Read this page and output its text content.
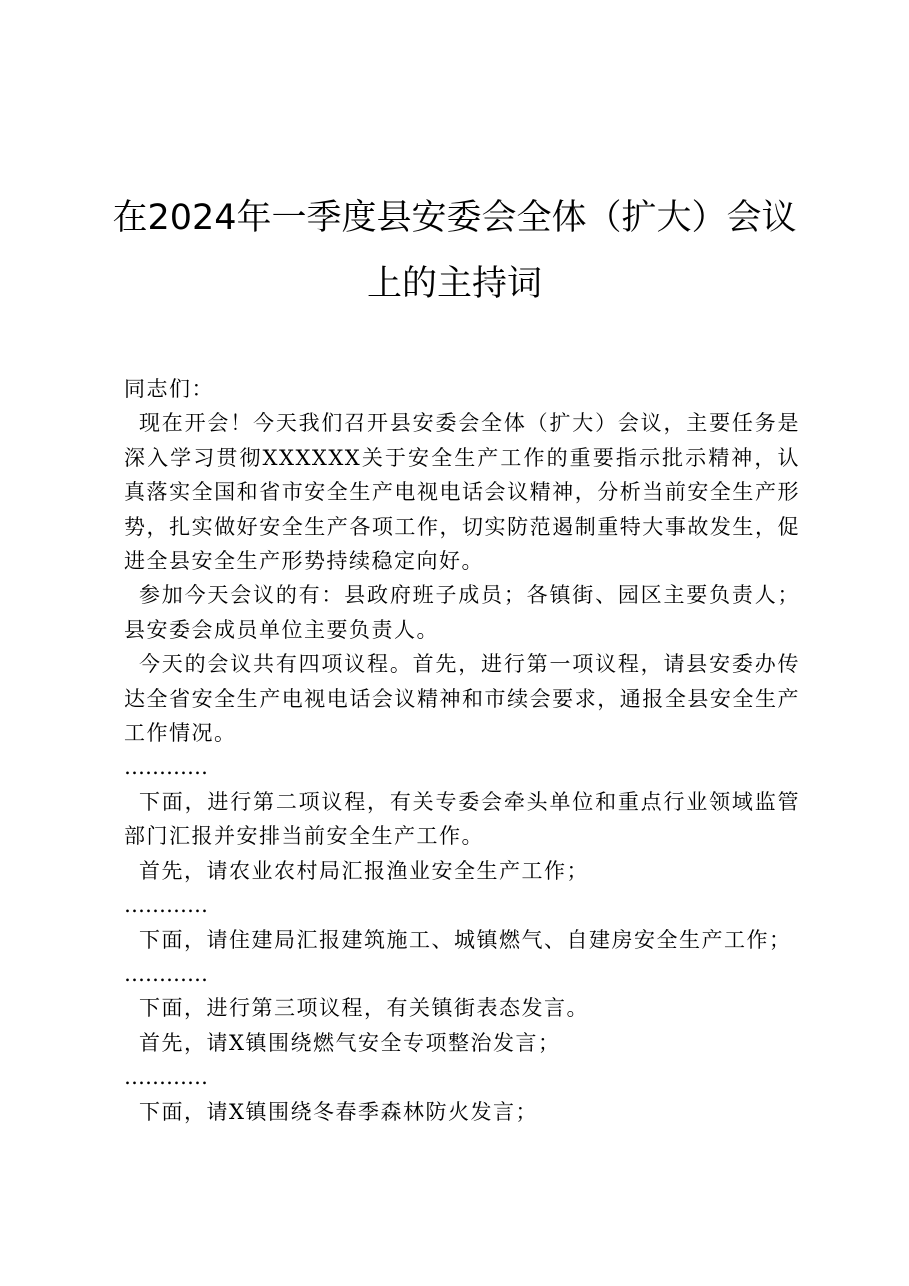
在2024年一季度县安委会全体（扩大）会议
上的主持词

同志们：

现在开会！今天我们召开县安委会全体（扩大）会议，主要任务是深入学习贯彻XXXXXX关于安全生产工作的重要指示批示精神，认真落实全国和省市安全生产电视电话会议精神，分析当前安全生产形势，扎实做好安全生产各项工作，切实防范遏制重特大事故发生，促进全县安全生产形势持续稳定向好。

参加今天会议的有：县政府班子成员；各镇街、园区主要负责人；县安委会成员单位主要负责人。

今天的会议共有四项议程。首先，进行第一项议程，请县安委办传达全省安全生产电视电话会议精神和市续会要求，通报全县安全生产工作情况。

…………

下面，进行第二项议程，有关专委会牵头单位和重点行业领域监管部门汇报并安排当前安全生产工作。

首先，请农业农村局汇报渔业安全生产工作；

…………

下面，请住建局汇报建筑施工、城镇燃气、自建房安全生产工作；

…………

下面，进行第三项议程，有关镇街表态发言。

首先，请X镇围绕燃气安全专项整治发言；

…………

下面，请X镇围绕冬春季森林防火发言；
